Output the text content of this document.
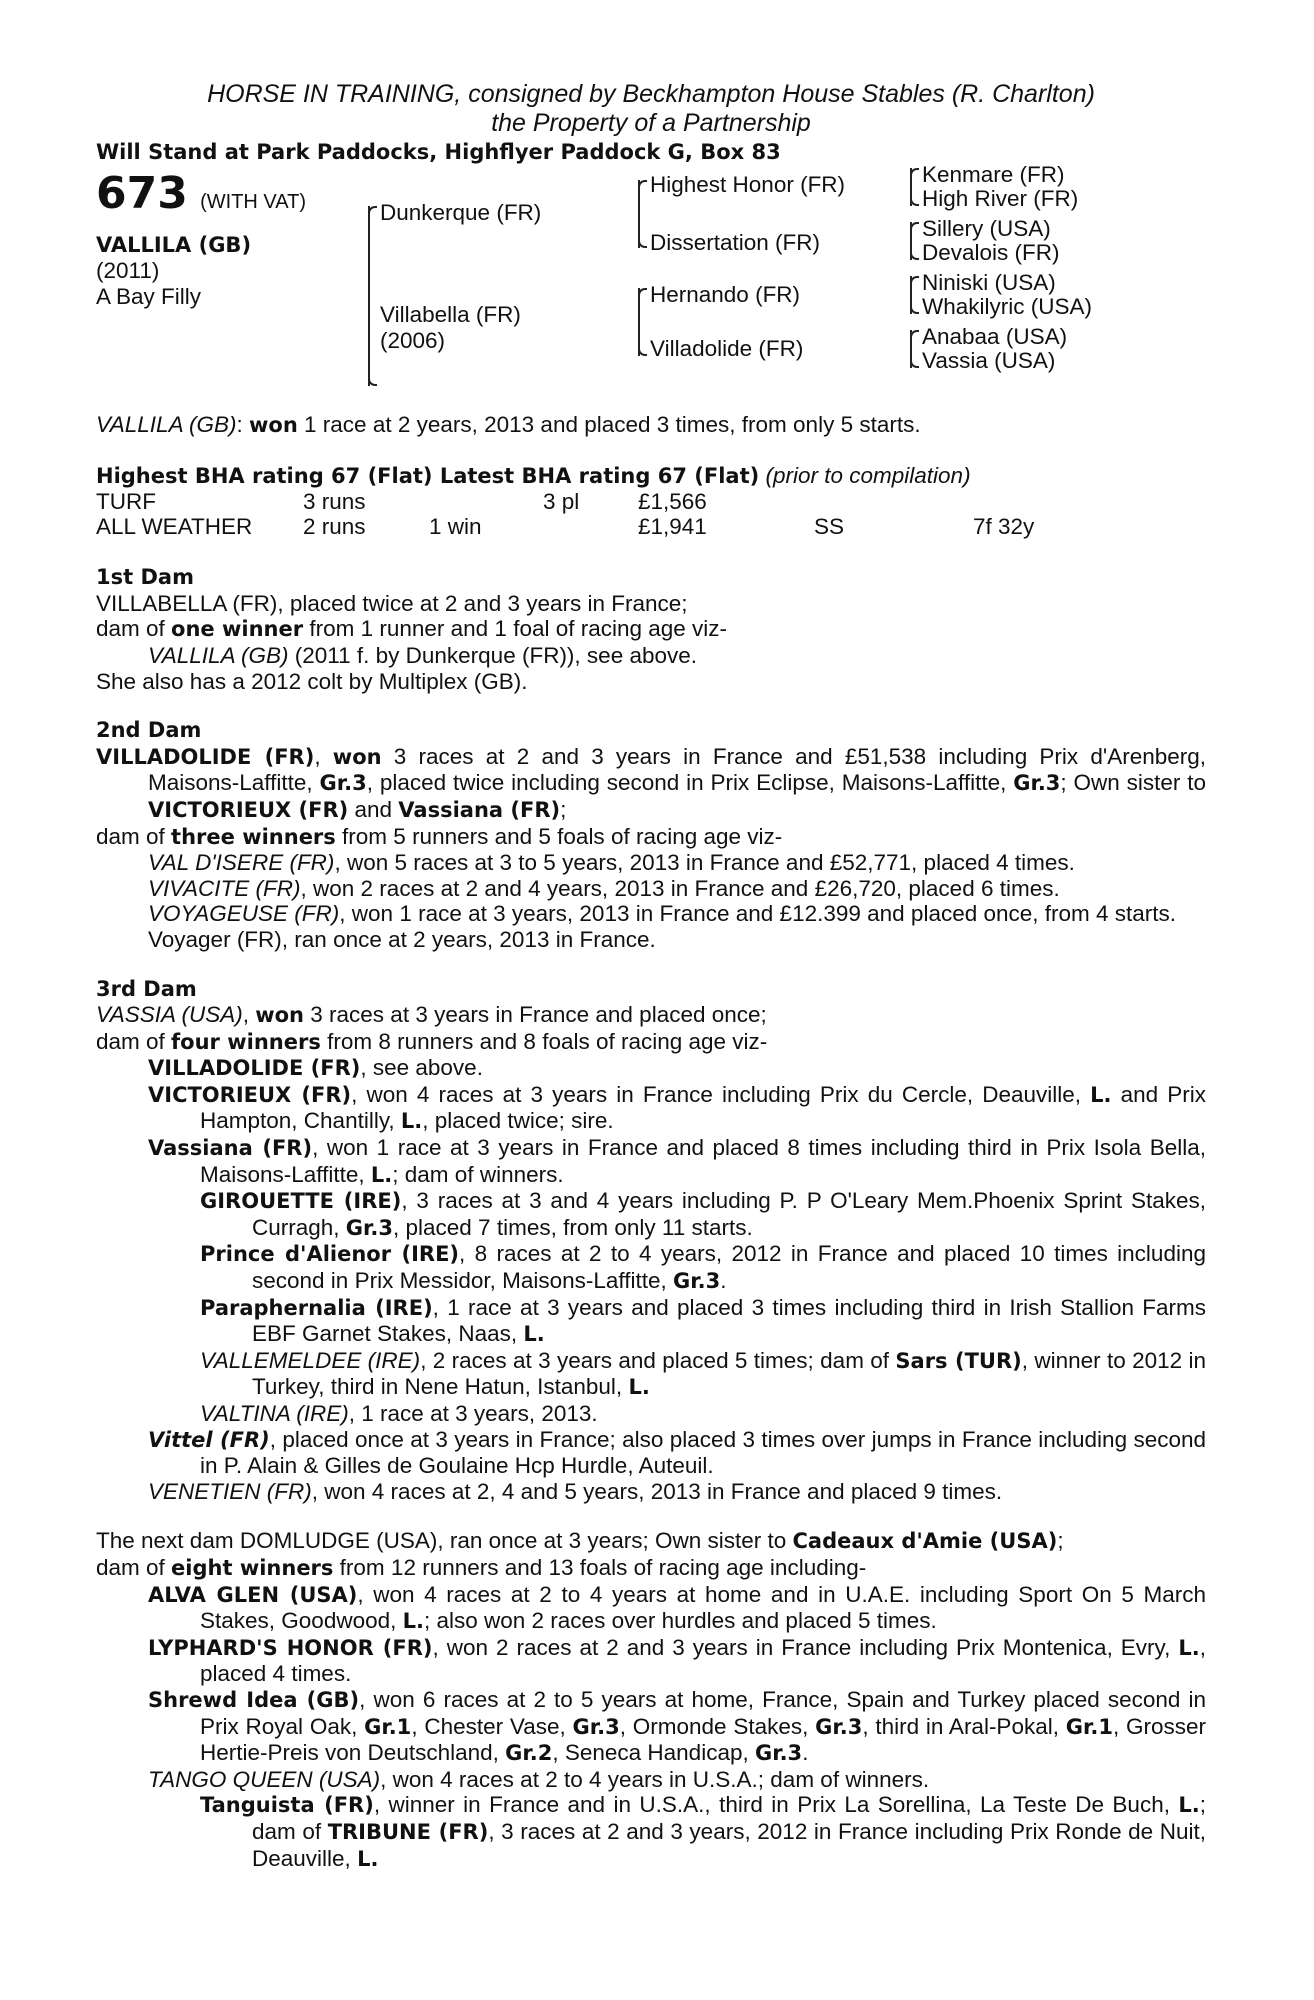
HORSE IN TRAINING, consigned by Beckhampton House Stables (R. Charlton)

the Property of a Partnership

Will Stand at Park Paddocks, Highflyer Paddock G, Box 83

673 (WITH VAT)
VALLILA (GB)
(2011)
A Bay Filly
Dunkerque (FR)
Villabella (FR)
(2006)
Highest Honor (FR)
Dissertation (FR)
Hernando (FR)
Villadolide (FR)
Kenmare (FR)
High River (FR)
Sillery (USA)
Devalois (FR)
Niniski (USA)
Whakilyric (USA)
Anabaa (USA)
Vassia (USA)

VALLILA (GB): won 1 race at 2 years, 2013 and placed 3 times, from only 5 starts.

Highest BHA rating 67 (Flat) Latest BHA rating 67 (Flat) (prior to compilation)

TURF	3 runs	3 pl	£1,566
ALL WEATHER 2 runs	1 win	£1,941	SS	7f 32y

1st Dam

VILLABELLA (FR), placed twice at 2 and 3 years in France;

dam of one winner from 1 runner and 1 foal of racing age viz-

VALLILA (GB) (2011 f. by Dunkerque (FR)), see above.

She also has a 2012 colt by Multiplex (GB).

2nd Dam

VILLADOLIDE (FR), won 3 races at 2 and 3 years in France and £51,538 including Prix d'Arenberg, Maisons-Laffitte, Gr.3, placed twice including second in Prix Eclipse, Maisons-Laffitte, Gr.3; Own sister to VICTORIEUX (FR) and Vassiana (FR);

dam of three winners from 5 runners and 5 foals of racing age viz-

VAL D'ISERE (FR), won 5 races at 3 to 5 years, 2013 in France and £52,771, placed 4 times.

VIVACITE (FR), won 2 races at 2 and 4 years, 2013 in France and £26,720, placed 6 times.

VOYAGEUSE (FR), won 1 race at 3 years, 2013 in France and £12.399 and placed once, from 4 starts.

Voyager (FR), ran once at 2 years, 2013 in France.

3rd Dam

VASSIA (USA), won 3 races at 3 years in France and placed once;

dam of four winners from 8 runners and 8 foals of racing age viz-

VILLADOLIDE (FR), see above.

VICTORIEUX (FR), won 4 races at 3 years in France including Prix du Cercle, Deauville, L. and Prix Hampton, Chantilly, L., placed twice; sire.

Vassiana (FR), won 1 race at 3 years in France and placed 8 times including third in Prix Isola Bella, Maisons-Laffitte, L.; dam of winners.

GIROUETTE (IRE), 3 races at 3 and 4 years including P. P O'Leary Mem.Phoenix Sprint Stakes, Curragh, Gr.3, placed 7 times, from only 11 starts.

Prince d'Alienor (IRE), 8 races at 2 to 4 years, 2012 in France and placed 10 times including second in Prix Messidor, Maisons-Laffitte, Gr.3.

Paraphernalia (IRE), 1 race at 3 years and placed 3 times including third in Irish Stallion Farms EBF Garnet Stakes, Naas, L.

VALLEMELDEE (IRE), 2 races at 3 years and placed 5 times; dam of Sars (TUR), winner to 2012 in Turkey, third in Nene Hatun, Istanbul, L.

VALTINA (IRE), 1 race at 3 years, 2013.

Vittel (FR), placed once at 3 years in France; also placed 3 times over jumps in France including second in P. Alain & Gilles de Goulaine Hcp Hurdle, Auteuil.

VENETIEN (FR), won 4 races at 2, 4 and 5 years, 2013 in France and placed 9 times.

The next dam DOMLUDGE (USA), ran once at 3 years; Own sister to Cadeaux d'Amie (USA);

dam of eight winners from 12 runners and 13 foals of racing age including-

ALVA GLEN (USA), won 4 races at 2 to 4 years at home and in U.A.E. including Sport On 5 March Stakes, Goodwood, L.; also won 2 races over hurdles and placed 5 times.

LYPHARD'S HONOR (FR), won 2 races at 2 and 3 years in France including Prix Montenica, Evry, L., placed 4 times.

Shrewd Idea (GB), won 6 races at 2 to 5 years at home, France, Spain and Turkey placed second in Prix Royal Oak, Gr.1, Chester Vase, Gr.3, Ormonde Stakes, Gr.3, third in Aral-Pokal, Gr.1, Grosser Hertie-Preis von Deutschland, Gr.2, Seneca Handicap, Gr.3.

TANGO QUEEN (USA), won 4 races at 2 to 4 years in U.S.A.; dam of winners.

Tanguista (FR), winner in France and in U.S.A., third in Prix La Sorellina, La Teste De Buch, L.; dam of TRIBUNE (FR), 3 races at 2 and 3 years, 2012 in France including Prix Ronde de Nuit, Deauville, L.
